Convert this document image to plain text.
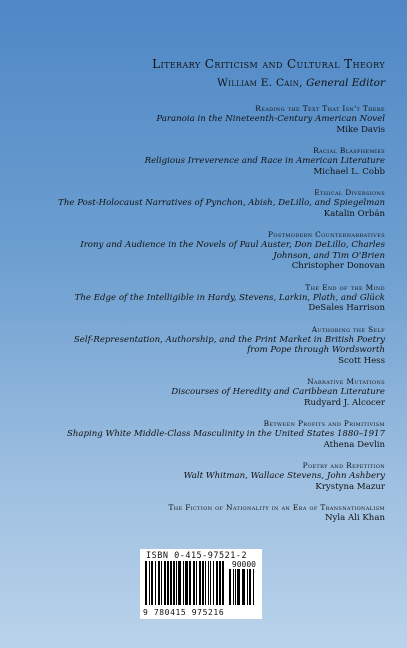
Literary Criticism and Cultural Theory
William E. Cain, General Editor
Reading the Text That Isn't There
Paranoia in the Nineteenth-Century American Novel
Mike Davis
Racial Blasphemies
Religious Irreverence and Race in American Literature
Michael L. Cobb
Ethical Diversions
The Post-Holocaust Narratives of Pynchon, Abish, DeLillo, and Spiegelman
Katalin Orbán
Postmodern Counternarratives
Irony and Audience in the Novels of Paul Auster, Don DeLillo, Charles Johnson, and Tim O'Brien
Christopher Donovan
The End of the Mind
The Edge of the Intelligible in Hardy, Stevens, Larkin, Plath, and Glück
DeSales Harrison
Authoring the Self
Self-Representation, Authorship, and the Print Market in British Poetry from Pope through Wordsworth
Scott Hess
Narrative Mutations
Discourses of Heredity and Caribbean Literature
Rudyard J. Alcocer
Between Profits and Primitivism
Shaping White Middle-Class Masculinity in the United States 1880–1917
Athena Devlin
Poetry and Repetition
Walt Whitman, Wallace Stevens, John Ashbery
Krystyna Mazur
The Fiction of Nationality in an Era of Transnationalism
Nyla Ali Khan
ISBN 0-415-97521-2
90000
9 780415 975216
